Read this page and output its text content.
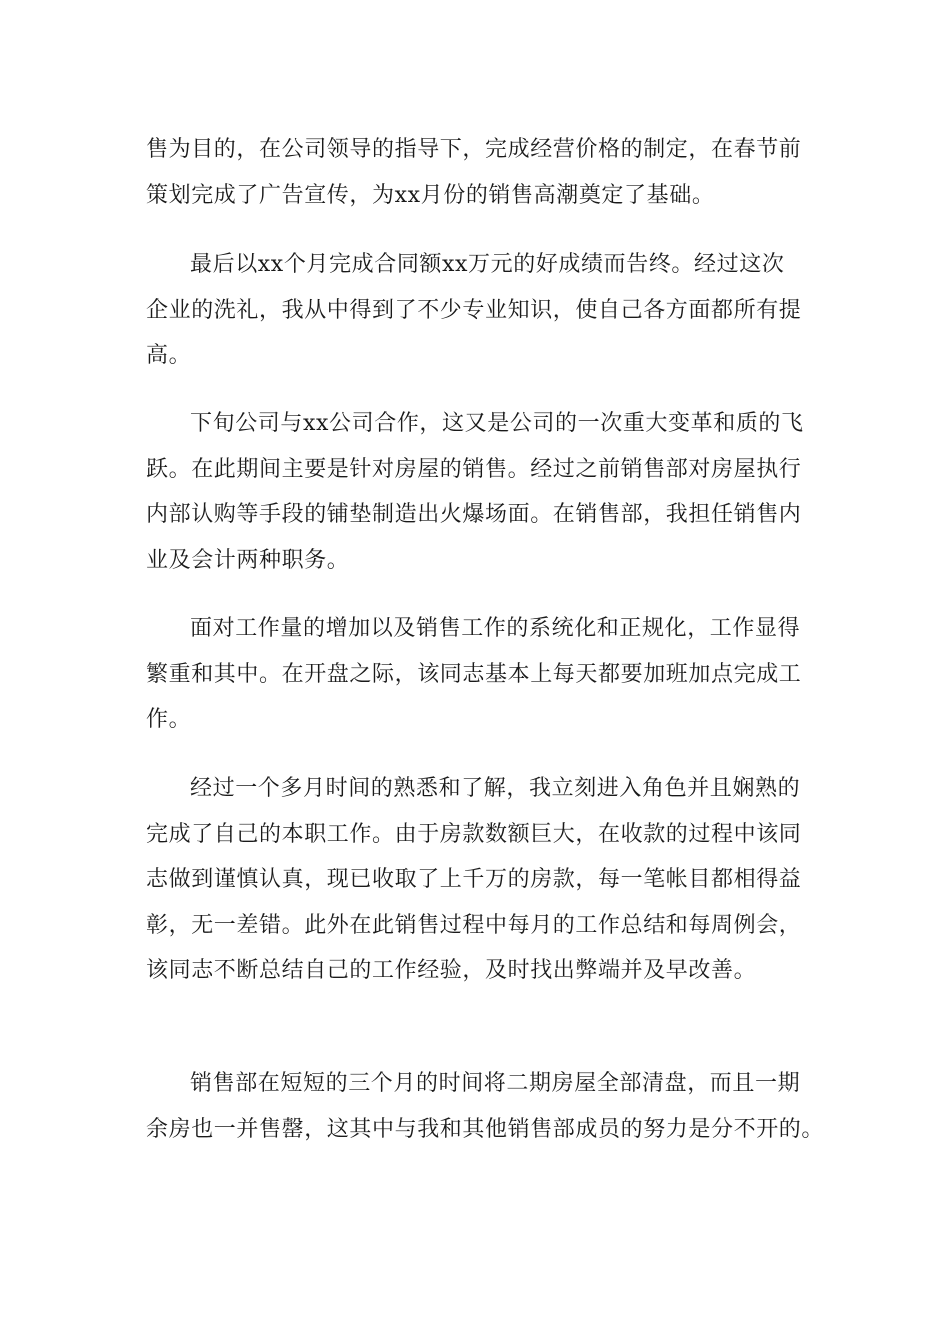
售为目的，在公司领导的指导下，完成经营价格的制定，在春节前
策划完成了广告宣传，为xx月份的销售高潮奠定了基础。
最后以xx个月完成合同额xx万元的好成绩而告终。经过这次
企业的洗礼，我从中得到了不少专业知识，使自己各方面都所有提
高。
下旬公司与xx公司合作，这又是公司的一次重大变革和质的飞
跃。在此期间主要是针对房屋的销售。经过之前销售部对房屋执行
内部认购等手段的铺垫制造出火爆场面。在销售部，我担任销售内
业及会计两种职务。
面对工作量的增加以及销售工作的系统化和正规化，工作显得
繁重和其中。在开盘之际，该同志基本上每天都要加班加点完成工
作。
经过一个多月时间的熟悉和了解，我立刻进入角色并且娴熟的
完成了自己的本职工作。由于房款数额巨大，在收款的过程中该同
志做到谨慎认真，现已收取了上千万的房款，每一笔帐目都相得益
彰，无一差错。此外在此销售过程中每月的工作总结和每周例会，
该同志不断总结自己的工作经验，及时找出弊端并及早改善。
销售部在短短的三个月的时间将二期房屋全部清盘，而且一期
余房也一并售罄，这其中与我和其他销售部成员的努力是分不开的。
